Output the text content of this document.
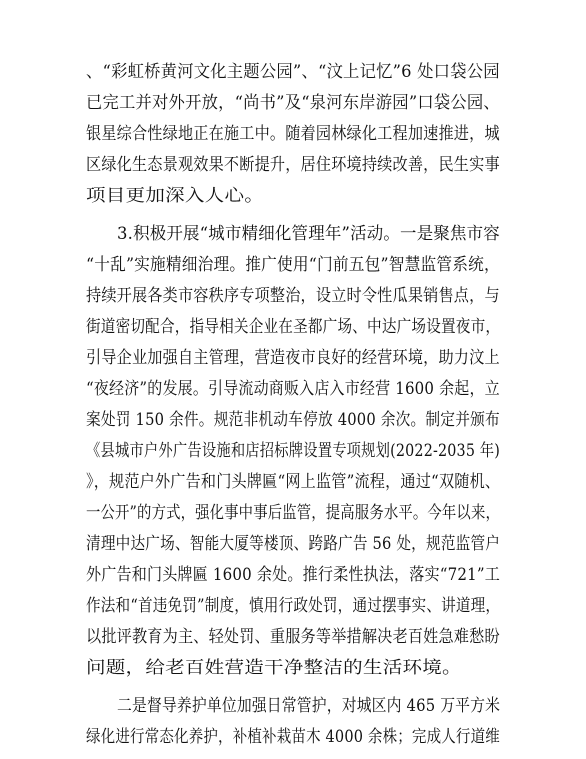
、“彩虹桥黄河文化主题公园”、“汶上记忆”6 处口袋公园
已完工并对外开放，“尚书”及“泉河东岸游园”口袋公园、
银星综合性绿地正在施工中。随着园林绿化工程加速推进，城
区绿化生态景观效果不断提升，居住环境持续改善，民生实事
项目更加深入人心。
3.积极开展“城市精细化管理年”活动。一是聚焦市容
“十乱”实施精细治理。推广使用“门前五包”智慧监管系统，
持续开展各类市容秩序专项整治，设立时令性瓜果销售点，与
街道密切配合，指导相关企业在圣都广场、中达广场设置夜市，
引导企业加强自主管理，营造夜市良好的经营环境，助力汶上
“夜经济”的发展。引导流动商贩入店入市经营 1600 余起，立
案处罚 150 余件。规范非机动车停放 4000 余次。制定并颁布
《县城市户外广告设施和店招标牌设置专项规划(2022-2035 年)
》，规范户外广告和门头牌匾“网上监管”流程，通过“双随机、
一公开”的方式，强化事中事后监管，提高服务水平。今年以来，
清理中达广场、智能大厦等楼顶、跨路广告 56 处，规范监管户
外广告和门头牌匾 1600 余处。推行柔性执法，落实“721”工
作法和“首违免罚”制度，慎用行政处罚，通过摆事实、讲道理，
以批评教育为主、轻处罚、重服务等举措解决老百姓急难愁盼
问题，给老百姓营造干净整洁的生活环境。
二是督导养护单位加强日常管护，对城区内 465 万平方米
绿化进行常态化养护，补植补栽苗木 4000 余株；完成人行道维
